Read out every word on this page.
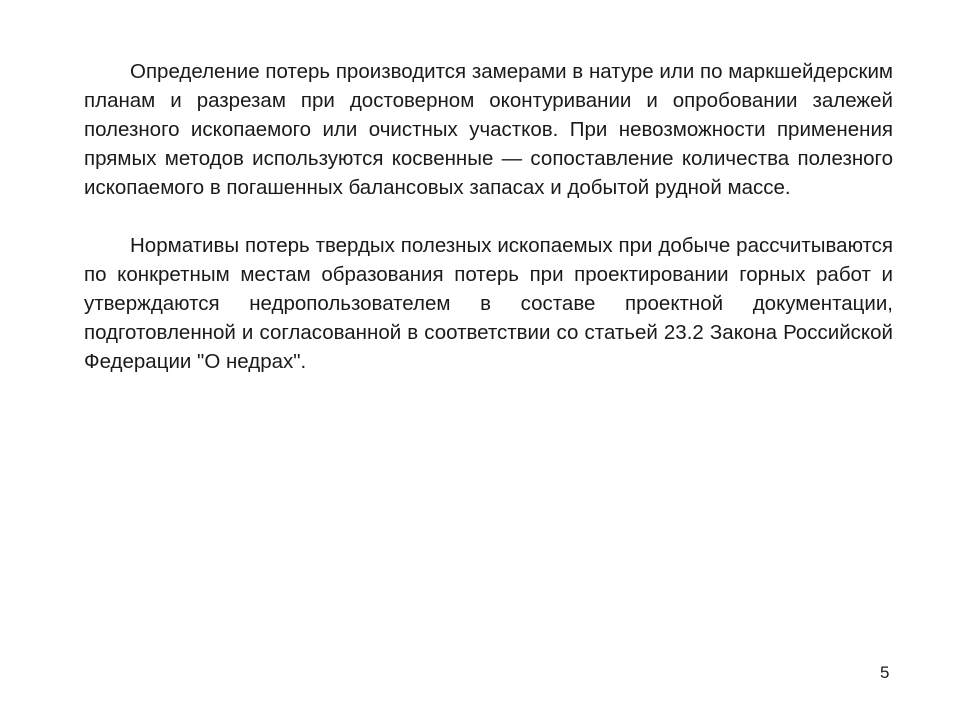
Определение потерь производится замерами в натуре или по маркшейдерским планам и разрезам при достоверном оконтуривании и опробовании залежей полезного ископаемого или очистных участков. При невозможности применения прямых методов используются косвенные — сопоставление количества полезного ископаемого в погашенных балансовых запасах и добытой рудной массе.

Нормативы потерь твердых полезных ископаемых при добыче рассчитываются по конкретным местам образования потерь при проектировании горных работ и утверждаются недропользователем в составе проектной документации, подготовленной и согласованной в соответствии со статьей 23.2 Закона Российской Федерации "О недрах".

5
